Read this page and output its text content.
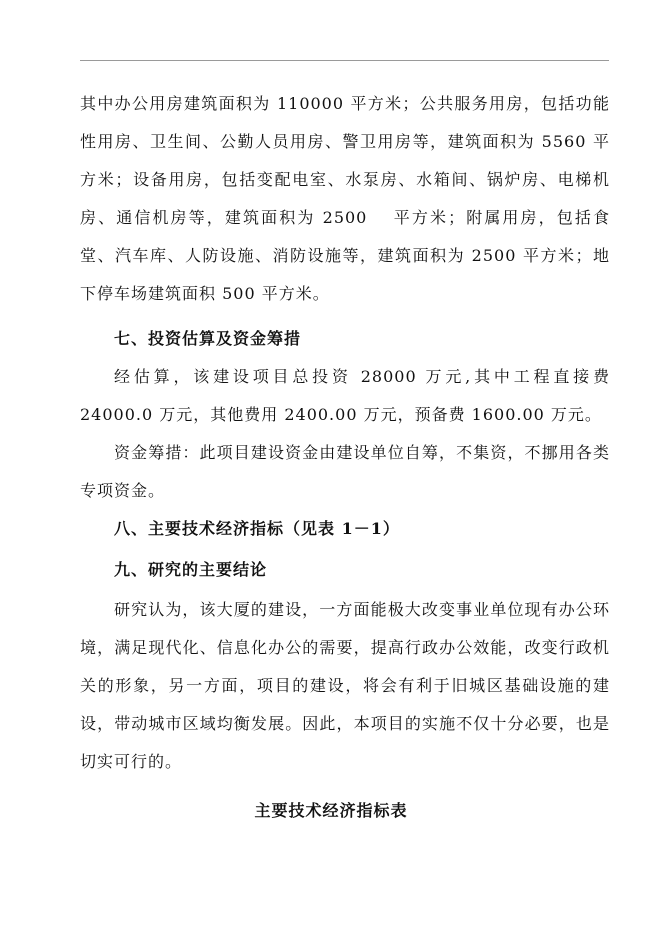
其中办公用房建筑面积为 110000 平方米；公共服务用房，包括功能性用房、卫生间、公勤人员用房、警卫用房等，建筑面积为 5560 平方米；设备用房，包括变配电室、水泵房、水箱间、锅炉房、电梯机房、通信机房等，建筑面积为 2500　 平方米；附属用房，包括食堂、汽车库、人防设施、消防设施等，建筑面积为 2500 平方米；地下停车场建筑面积 500 平方米。

七、投资估算及资金筹措

经估算，该建设项目总投资 28000 万元,其中工程直接费 24000.0 万元，其他费用 2400.00 万元，预备费 1600.00 万元。

资金筹措：此项目建设资金由建设单位自筹，不集资，不挪用各类专项资金。

八、主要技术经济指标（见表 1－1）

九、研究的主要结论

研究认为，该大厦的建设，一方面能极大改变事业单位现有办公环境，满足现代化、信息化办公的需要，提高行政办公效能，改变行政机关的形象，另一方面，项目的建设，将会有利于旧城区基础设施的建设，带动城市区域均衡发展。因此，本项目的实施不仅十分必要，也是切实可行的。

主要技术经济指标表
